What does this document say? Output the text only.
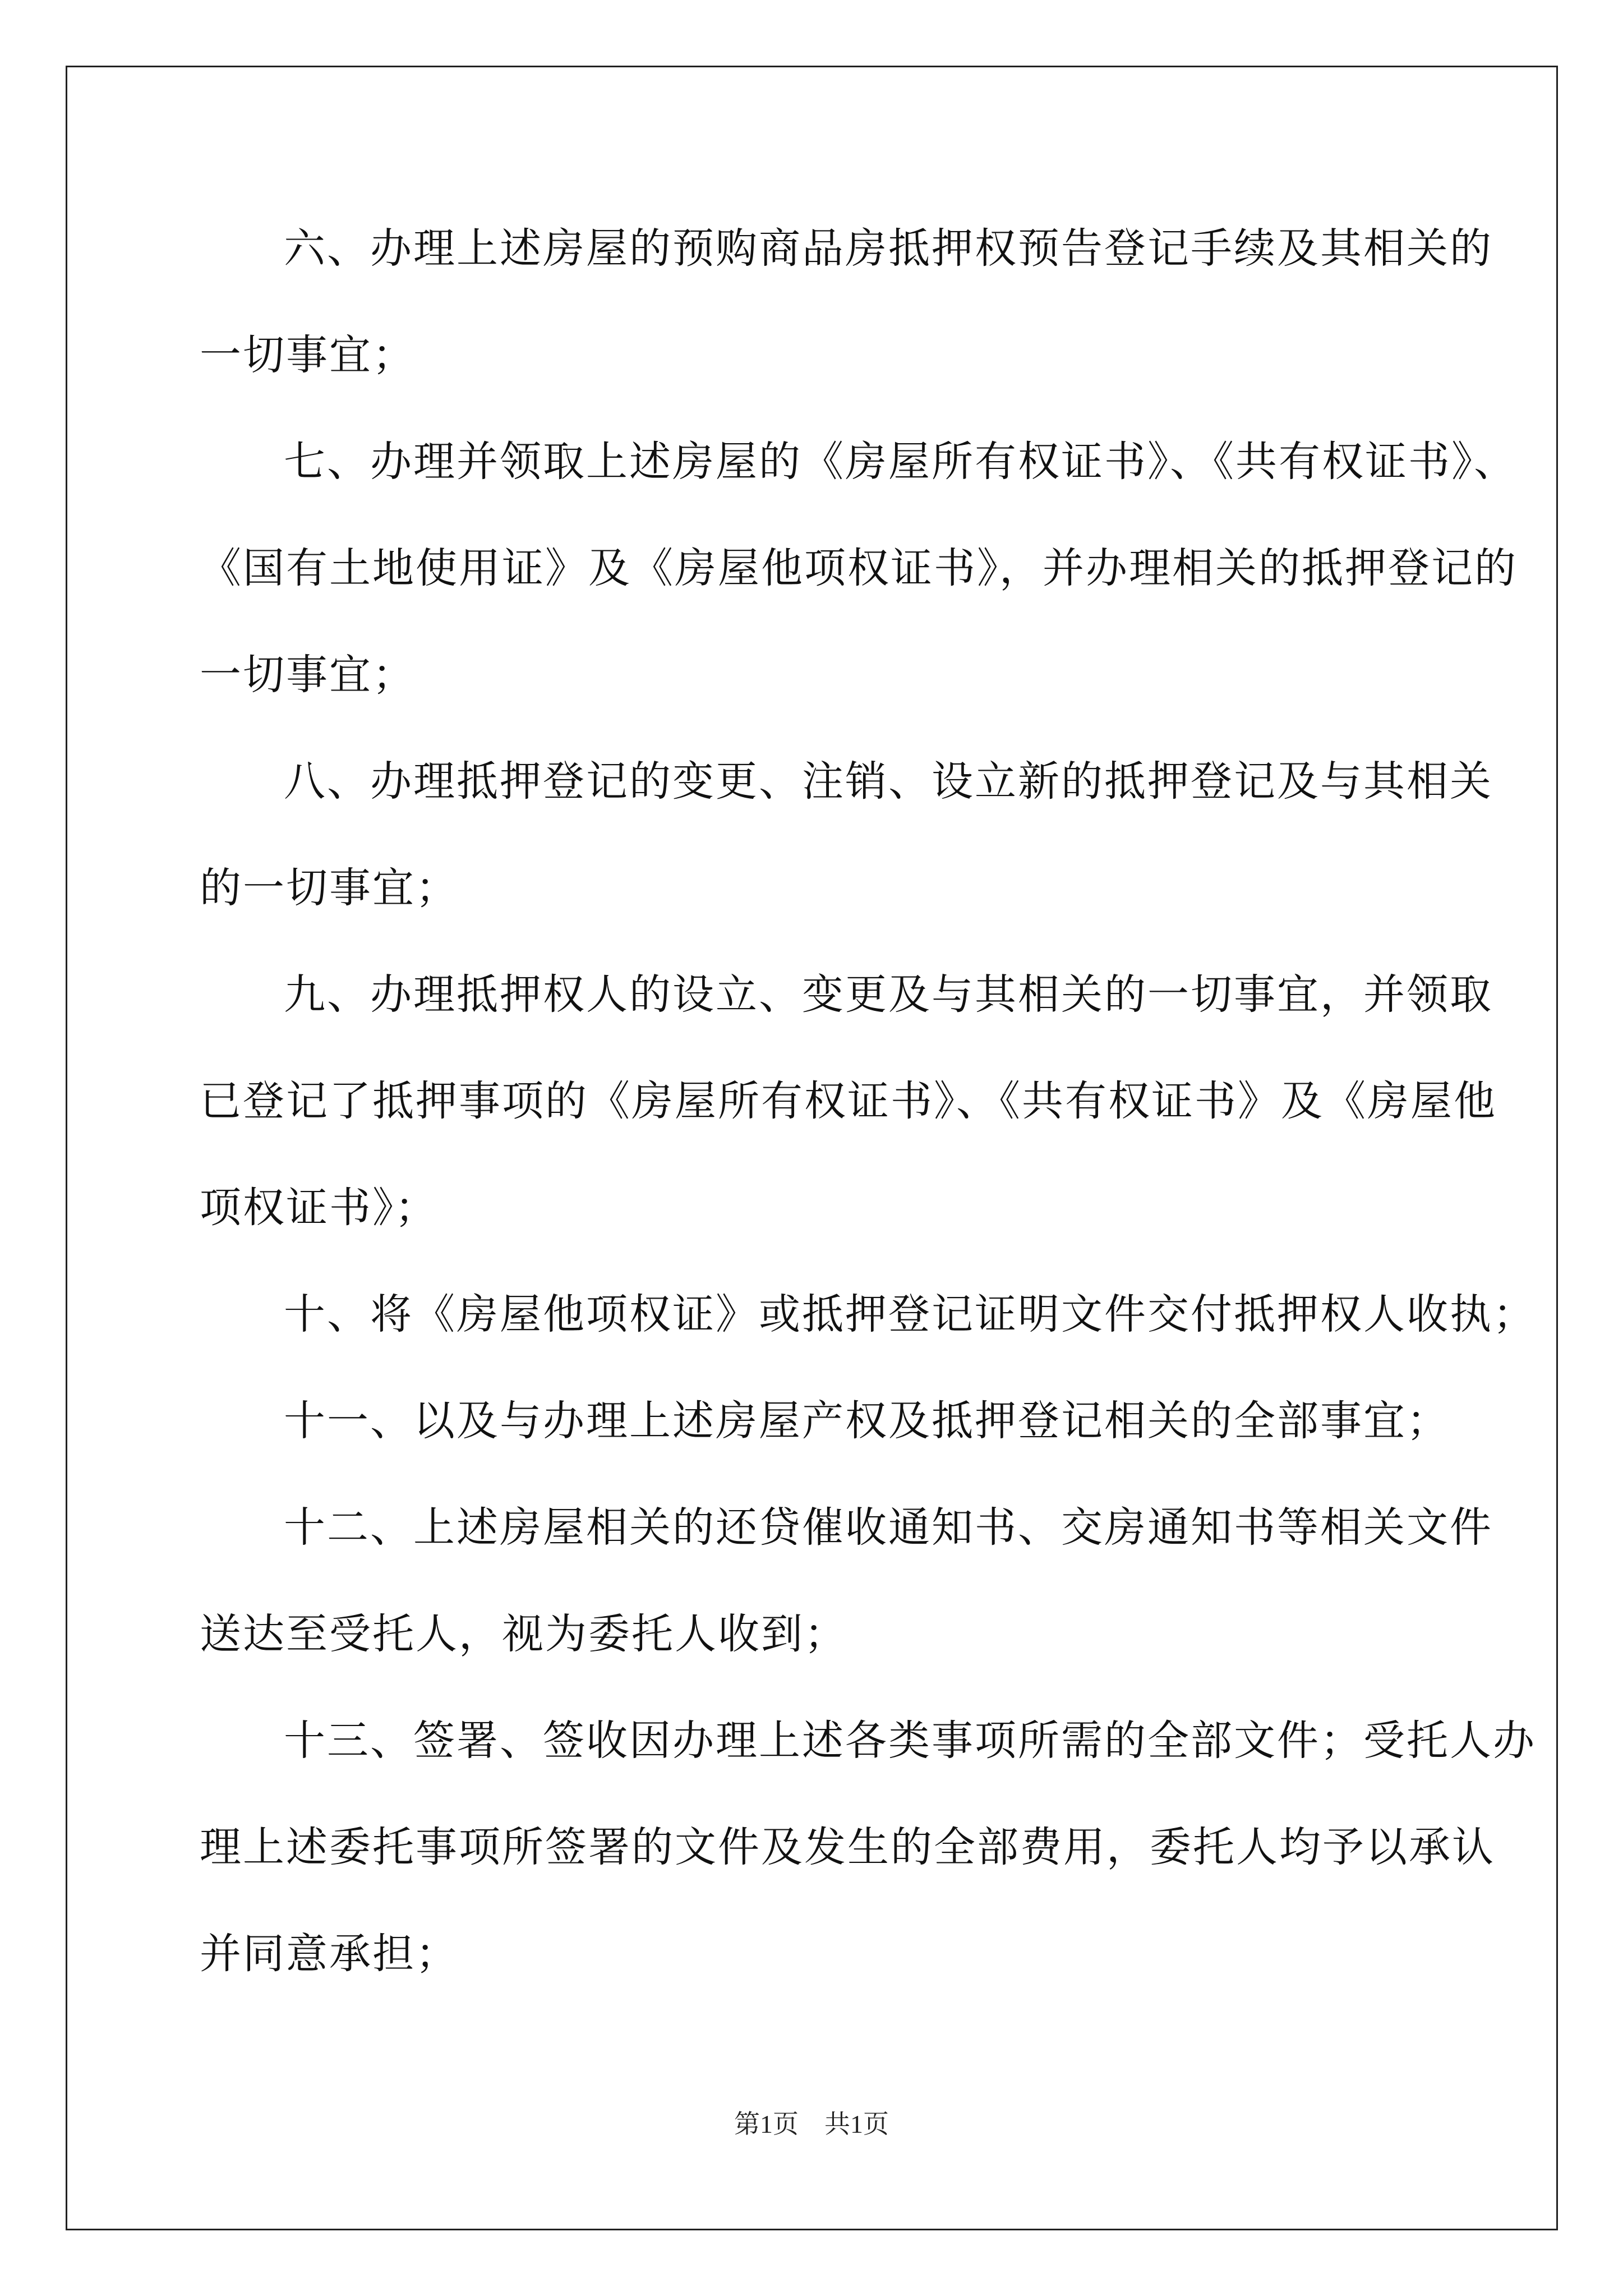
六、办理上述房屋的预购商品房抵押权预告登记手续及其相关的
一切事宜；
七、办理并领取上述房屋的《房屋所有权证书》、《共有权证书》、
《国有土地使用证》及《房屋他项权证书》，并办理相关的抵押登记的
一切事宜；
八、办理抵押登记的变更、注销、设立新的抵押登记及与其相关
的一切事宜；
九、办理抵押权人的设立、变更及与其相关的一切事宜，并领取
已登记了抵押事项的《房屋所有权证书》、《共有权证书》及《房屋他
项权证书》；
十、将《房屋他项权证》或抵押登记证明文件交付抵押权人收执；
十一、以及与办理上述房屋产权及抵押登记相关的全部事宜；
十二、上述房屋相关的还贷催收通知书、交房通知书等相关文件
送达至受托人，视为委托人收到；
十三、签署、签收因办理上述各类事项所需的全部文件；受托人办
理上述委托事项所签署的文件及发生的全部费用，委托人均予以承认
并同意承担；
第1页　共1页
